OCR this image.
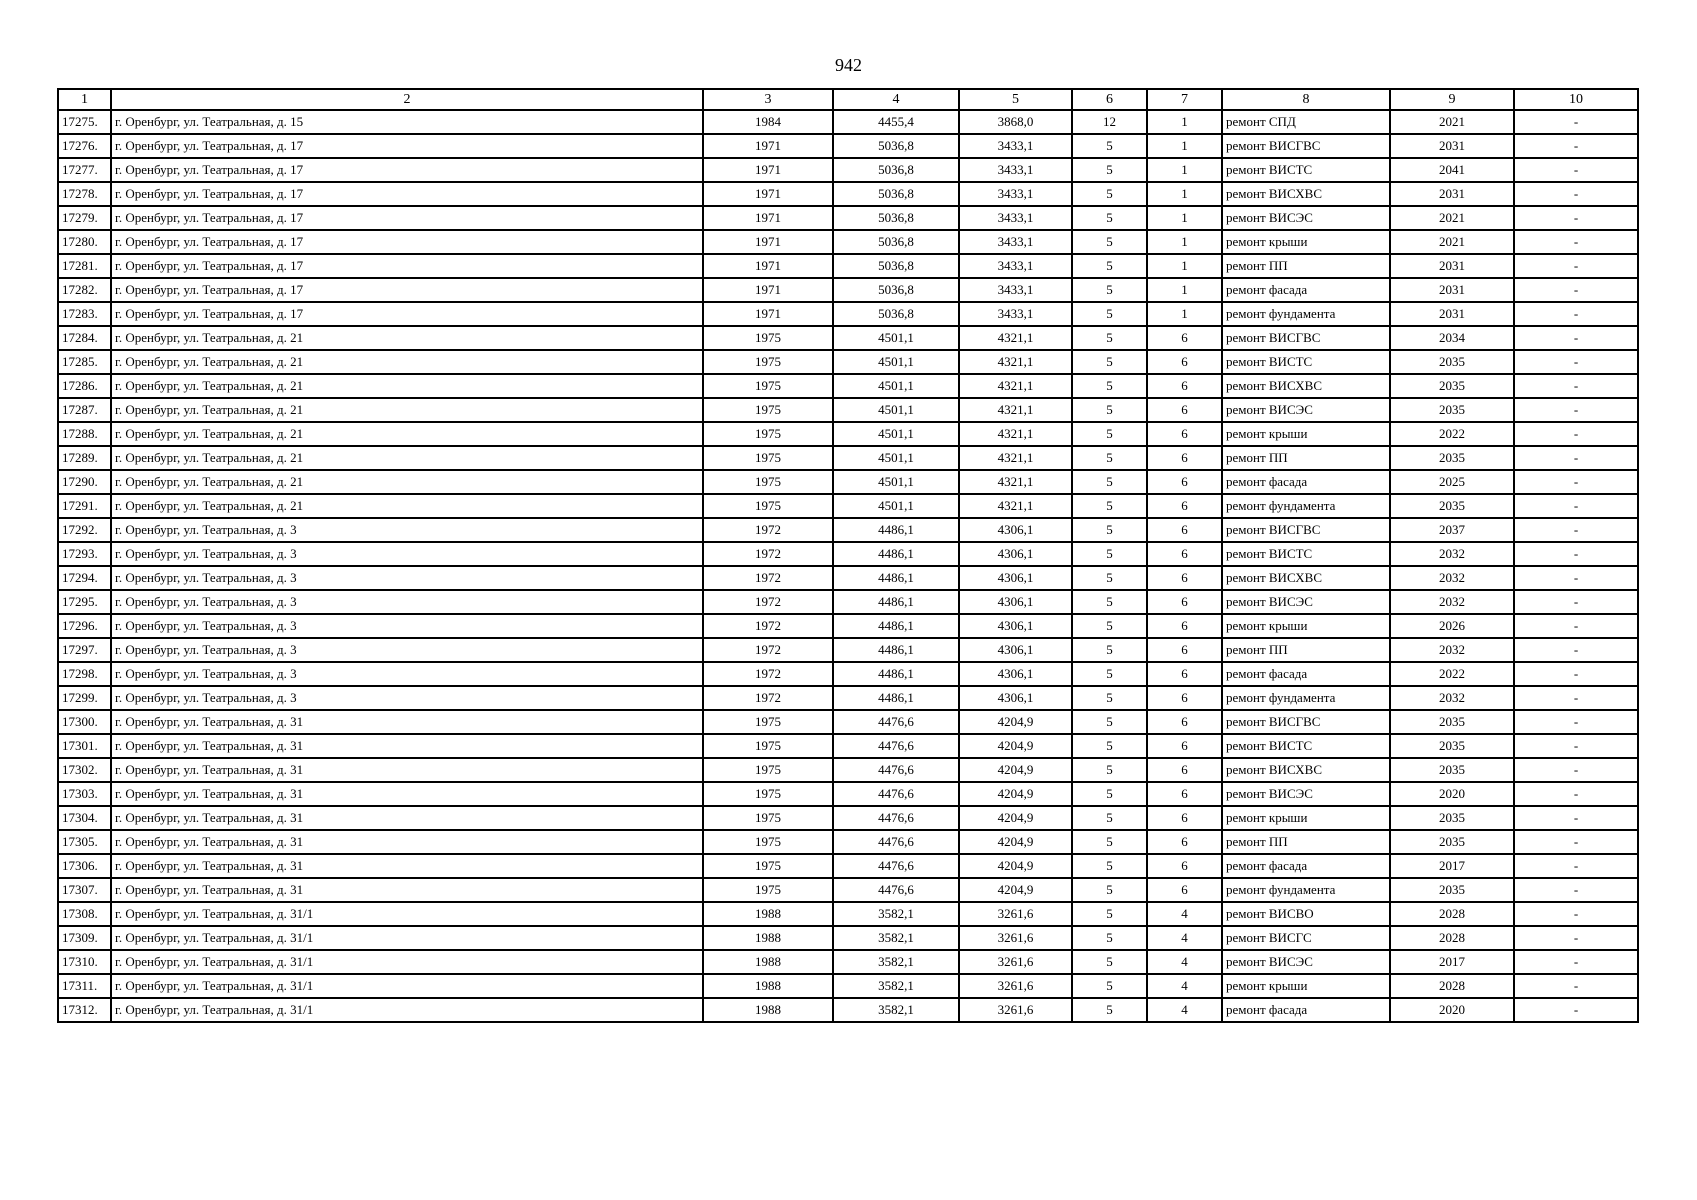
942
1	2	3	4	5	6	7	8	9	10
17275.	г. Оренбург, ул. Театральная, д. 15	1984	4455,4	3868,0	12	1	ремонт СПД	2021	-
17276.	г. Оренбург, ул. Театральная, д. 17	1971	5036,8	3433,1	5	1	ремонт ВИСГВС	2031	-
17277.	г. Оренбург, ул. Театральная, д. 17	1971	5036,8	3433,1	5	1	ремонт ВИСТС	2041	-
17278.	г. Оренбург, ул. Театральная, д. 17	1971	5036,8	3433,1	5	1	ремонт ВИСХВС	2031	-
17279.	г. Оренбург, ул. Театральная, д. 17	1971	5036,8	3433,1	5	1	ремонт ВИСЭС	2021	-
17280.	г. Оренбург, ул. Театральная, д. 17	1971	5036,8	3433,1	5	1	ремонт крыши	2021	-
17281.	г. Оренбург, ул. Театральная, д. 17	1971	5036,8	3433,1	5	1	ремонт ПП	2031	-
17282.	г. Оренбург, ул. Театральная, д. 17	1971	5036,8	3433,1	5	1	ремонт фасада	2031	-
17283.	г. Оренбург, ул. Театральная, д. 17	1971	5036,8	3433,1	5	1	ремонт фундамента	2031	-
17284.	г. Оренбург, ул. Театральная, д. 21	1975	4501,1	4321,1	5	6	ремонт ВИСГВС	2034	-
17285.	г. Оренбург, ул. Театральная, д. 21	1975	4501,1	4321,1	5	6	ремонт ВИСТС	2035	-
17286.	г. Оренбург, ул. Театральная, д. 21	1975	4501,1	4321,1	5	6	ремонт ВИСХВС	2035	-
17287.	г. Оренбург, ул. Театральная, д. 21	1975	4501,1	4321,1	5	6	ремонт ВИСЭС	2035	-
17288.	г. Оренбург, ул. Театральная, д. 21	1975	4501,1	4321,1	5	6	ремонт крыши	2022	-
17289.	г. Оренбург, ул. Театральная, д. 21	1975	4501,1	4321,1	5	6	ремонт ПП	2035	-
17290.	г. Оренбург, ул. Театральная, д. 21	1975	4501,1	4321,1	5	6	ремонт фасада	2025	-
17291.	г. Оренбург, ул. Театральная, д. 21	1975	4501,1	4321,1	5	6	ремонт фундамента	2035	-
17292.	г. Оренбург, ул. Театральная, д. 3	1972	4486,1	4306,1	5	6	ремонт ВИСГВС	2037	-
17293.	г. Оренбург, ул. Театральная, д. 3	1972	4486,1	4306,1	5	6	ремонт ВИСТС	2032	-
17294.	г. Оренбург, ул. Театральная, д. 3	1972	4486,1	4306,1	5	6	ремонт ВИСХВС	2032	-
17295.	г. Оренбург, ул. Театральная, д. 3	1972	4486,1	4306,1	5	6	ремонт ВИСЭС	2032	-
17296.	г. Оренбург, ул. Театральная, д. 3	1972	4486,1	4306,1	5	6	ремонт крыши	2026	-
17297.	г. Оренбург, ул. Театральная, д. 3	1972	4486,1	4306,1	5	6	ремонт ПП	2032	-
17298.	г. Оренбург, ул. Театральная, д. 3	1972	4486,1	4306,1	5	6	ремонт фасада	2022	-
17299.	г. Оренбург, ул. Театральная, д. 3	1972	4486,1	4306,1	5	6	ремонт фундамента	2032	-
17300.	г. Оренбург, ул. Театральная, д. 31	1975	4476,6	4204,9	5	6	ремонт ВИСГВС	2035	-
17301.	г. Оренбург, ул. Театральная, д. 31	1975	4476,6	4204,9	5	6	ремонт ВИСТС	2035	-
17302.	г. Оренбург, ул. Театральная, д. 31	1975	4476,6	4204,9	5	6	ремонт ВИСХВС	2035	-
17303.	г. Оренбург, ул. Театральная, д. 31	1975	4476,6	4204,9	5	6	ремонт ВИСЭС	2020	-
17304.	г. Оренбург, ул. Театральная, д. 31	1975	4476,6	4204,9	5	6	ремонт крыши	2035	-
17305.	г. Оренбург, ул. Театральная, д. 31	1975	4476,6	4204,9	5	6	ремонт ПП	2035	-
17306.	г. Оренбург, ул. Театральная, д. 31	1975	4476,6	4204,9	5	6	ремонт фасада	2017	-
17307.	г. Оренбург, ул. Театральная, д. 31	1975	4476,6	4204,9	5	6	ремонт фундамента	2035	-
17308.	г. Оренбург, ул. Театральная, д. 31/1	1988	3582,1	3261,6	5	4	ремонт ВИСВО	2028	-
17309.	г. Оренбург, ул. Театральная, д. 31/1	1988	3582,1	3261,6	5	4	ремонт ВИСГС	2028	-
17310.	г. Оренбург, ул. Театральная, д. 31/1	1988	3582,1	3261,6	5	4	ремонт ВИСЭС	2017	-
17311.	г. Оренбург, ул. Театральная, д. 31/1	1988	3582,1	3261,6	5	4	ремонт крыши	2028	-
17312.	г. Оренбург, ул. Театральная, д. 31/1	1988	3582,1	3261,6	5	4	ремонт фасада	2020	-
